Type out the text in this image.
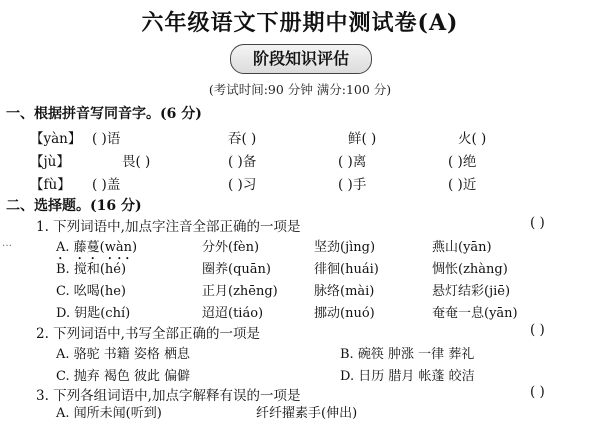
六年级语文下册期中测试卷(A)
阶段知识评估
(考试时间:90 分钟 满分:100 分)
一、根据拼音写同音字。(6 分)
【yàn】 ( )语	吞( )	鲜( )	火( )
【jù】	畏( )	( )备	( )离	( )绝
【fù】 ( )盖	( )习	( )手	( )近
二、选择题。(16 分)
1. 下列词语中,加点字注音全部正确的一项是	( )
A. 藤蔓(wàn)	分外(fèn)	坚劲(jìng)	燕山(yān)
B. 搅和(hé)	圈养(quān)	徘徊(huái)	惆怅(zhàng)
C. 吆喝(he)	正月(zhēng)	脉络(mài)	悬灯结彩(jiē)
D. 钥匙(chí)	迢迢(tiáo)	挪动(nuó)	奄奄一息(yān)
2. 下列词语中,书写全部正确的一项是	( )
A. 骆驼 书籍 姿格 栖息	B. 碗筷 肿涨 一律 葬礼
C. 抛弃 褐色 彼此 偏僻	D. 日历 腊月 帐蓬 皎洁
3. 下列各组词语中,加点字解释有误的一项是	( )
A. 闻所未闻(听到)	纤纤擢素手(伸出)
…
